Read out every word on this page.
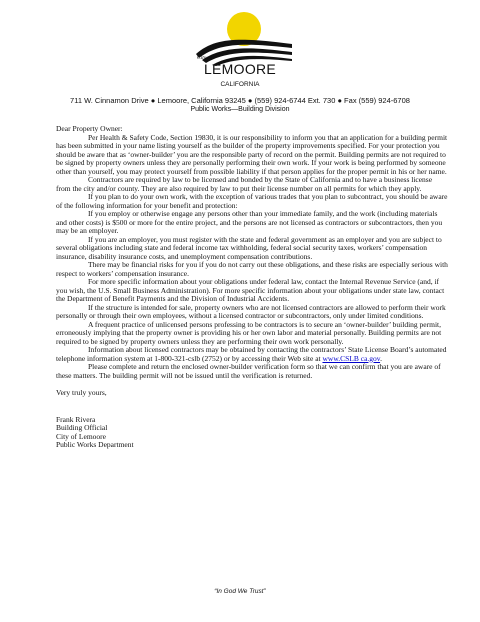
City of
LEMOORE
CALIFORNIA
711 W. Cinnamon Drive ● Lemoore, California 93245 ● (559) 924-6744 Ext. 730 ● Fax (559) 924-6708
Public Works—Building Division

Dear Property Owner:

Per Health & Safety Code, Section 19830, it is our responsibility to inform you that an application for a building permit has been submitted in your name listing yourself as the builder of the property improvements specified. For your protection you should be aware that as ‘owner-builder’ you are the responsible party of record on the permit. Building permits are not required to be signed by property owners unless they are personally performing their own work. If your work is being performed by someone other than yourself, you may protect yourself from possible liability if that person applies for the proper permit in his or her name.

Contractors are required by law to be licensed and bonded by the State of California and to have a business license from the city and/or county. They are also required by law to put their license number on all permits for which they apply.

If you plan to do your own work, with the exception of various trades that you plan to subcontract, you should be aware of the following information for your benefit and protection:

If you employ or otherwise engage any persons other than your immediate family, and the work (including materials and other costs) is $500 or more for the entire project, and the persons are not licensed as contractors or subcontractors, then you may be an employer.

If you are an employer, you must register with the state and federal government as an employer and you are subject to several obligations including state and federal income tax withholding, federal social security taxes, workers’ compensation insurance, disability insurance costs, and unemployment compensation contributions.

There may be financial risks for you if you do not carry out these obligations, and these risks are especially serious with respect to workers’ compensation insurance.

For more specific information about your obligations under federal law, contact the Internal Revenue Service (and, if you wish, the U.S. Small Business Administration). For more specific information about your obligations under state law, contact the Department of Benefit Payments and the Division of Industrial Accidents.

If the structure is intended for sale, property owners who are not licensed contractors are allowed to perform their work personally or through their own employees, without a licensed contractor or subcontractors, only under limited conditions.

A frequent practice of unlicensed persons professing to be contractors is to secure an ‘owner-builder’ building permit, erroneously implying that the property owner is providing his or her own labor and material personally. Building permits are not required to be signed by property owners unless they are performing their own work personally.

Information about licensed contractors may be obtained by contacting the contractors’ State License Board’s automated telephone information system at 1-800-321-cslb (2752) or by accessing their Web site at www.CSLB ca.gov.

Please complete and return the enclosed owner-builder verification form so that we can confirm that you are aware of these matters. The building permit will not be issued until the verification is returned.

Very truly yours,

Frank Rivera

Building Official

City of Lemoore

Public Works Department

“In God We Trust”
